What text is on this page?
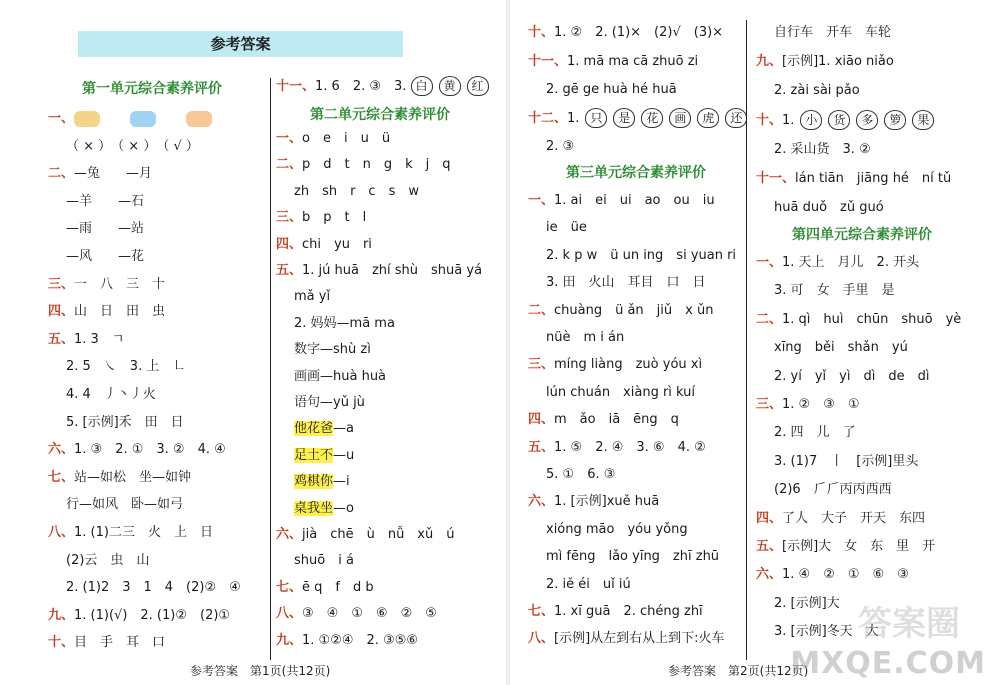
参考答案
第一单元综合素养评价
一、
（ × ）　（ × ）　（ √ ）
二、—兔　　—月
—羊　　—石
—雨　　—站
—风　　—花
三、一　八　三　十
四、山　日　田　虫
五、1. 3　ㄱ
2. 5　㇏　3. 上　㇗
4. 4　丿丶丿火
5. [示例]禾　田　日
六、1. ③　2. ①　3. ②　4. ④
七、站—如松　坐—如钟
行—如风　卧—如弓
八、1. (1)二三　火　上　日
(2)云　虫　山
2. (1)2　3　1　4　(2)②　④
九、1. (1)(√)　2. (1)②　(2)①
十、目　手　耳　口
十一、1. 6　2. ③　3. 白 黄 红
第二单元综合素养评价
一、o　e　i　u　ü
二、p　d　t　n　g　k　j　q
zh　sh　r　c　s　w
三、b　p　t　l
四、chi　yu　ri
五、1. jú huā　zhí shù　shuā yá
mǎ yǐ
2. 妈妈—mā ma
数字—shù zì
画画—huà huà
语句—yǔ jù
他花爸—a
足土不—u
鸡棋你—i
桌我坐—o
六、jià　chē　ù　nǚ　xǔ　ú
shuō　i á
七、ē q　f　d b
八、③　④　①　⑥　②　⑤
九、1. ①②④　2. ③⑤⑥
参考答案　第1页(共12页)
十、1. ②　2. (1)×　(2)√　(3)×
十一、1. mā ma cā zhuō zi
2. gē ge huà hé huā
十二、1. 只 是 花 画 虎 还
2. ③
第三单元综合素养评价
一、1. ai　ei　ui　ao　ou　iu
ie　üe
2. k p w　ü un ing　si yuan ri
3. 田　火山　耳目　口　日
二、chuàng　ü ǎn　jiǔ　x ǔn
nüè　m i án
三、míng liàng　zuò yóu xì
lún chuán　xiàng rì kuí
四、m　ǎo　iā　ēng　q
五、1. ⑤　2. ④　3. ⑥　4. ②
5. ①　6. ③
六、1. [示例]xuě huā
xióng māo　yóu yǒng
mì fēng　lǎo yīng　zhī zhū
2. iě éi　uǐ iú
七、1. xī guā　2. chéng zhī
八、[示例]从左到右从上到下:火车
自行车　开车　车轮
九、[示例]1. xiāo niǎo
2. zài sài pǎo
十、1. 小 货 多 箩 果
2. 采山货　3. ②
十一、lán tiān　jiāng hé　ní tǔ
huā duǒ　zǔ guó
第四单元综合素养评价
一、1. 天上　月儿　2. 开头
3. 可　女　手里　是
二、1. qì　huì　chūn　shuō　yè
xīng　běi　shǎn　yú
2. yí　yǐ　yì　dì　de　dì
三、1. ②　③　①
2. 四　儿　了
3. (1)7　丨　[示例]里头
(2)6　𠂆𠂆丙丙西西
四、了人　大子　开天　东四
五、[示例]大　女　东　里　开
六、1. ④　②　①　⑥　③
2. [示例]大
3. [示例]冬天　大
参考答案　第2页(共12页)
答案圈
MXQE.COM
